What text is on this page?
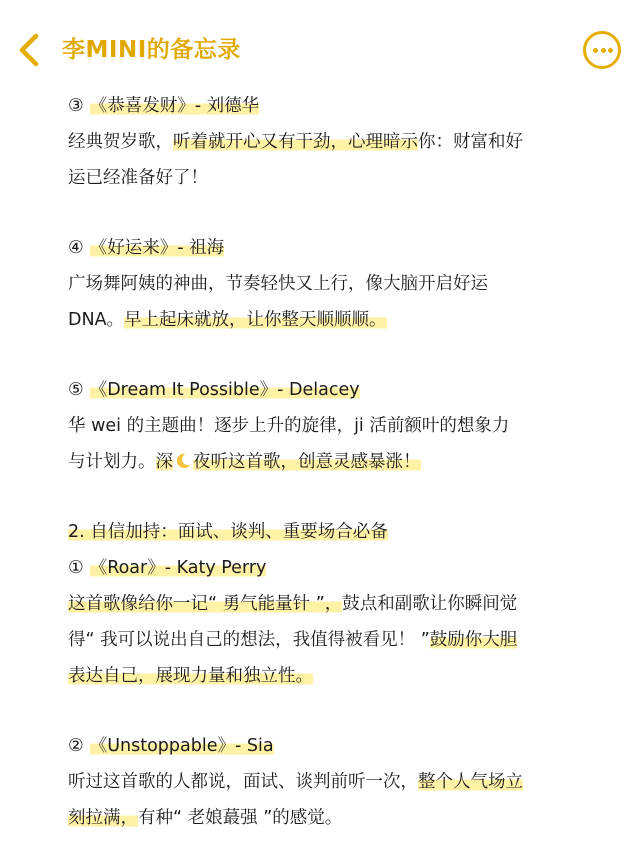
李MINI的备忘录
③ 《恭喜发财》- 刘德华
经典贺岁歌，听着就开心又有干劲，心理暗示你：财富和好
运已经准备好了！
④ 《好运来》- 祖海
广场舞阿姨的神曲，节奏轻快又上行，像大脑开启好运
DNA。早上起床就放，让你整天顺顺顺。
⑤ 《Dream It Possible》- Delacey
华 wei 的主题曲！逐步上升的旋律，ji 活前额叶的想象力
与计划力。深 夜听这首歌，创意灵感暴涨！
2. 自信加持：面试、谈判、重要场合必备
① 《Roar》- Katy Perry
这首歌像给你一记“ 勇气能量针 ”，鼓点和副歌让你瞬间觉
得“ 我可以说出自己的想法，我值得被看见！ ”鼓励你大胆
表达自己，展现力量和独立性。
② 《Unstoppable》- Sia
听过这首歌的人都说，面试、谈判前听一次，整个人气场立
刻拉满，有种“ 老娘蕞强 ”的感觉。
